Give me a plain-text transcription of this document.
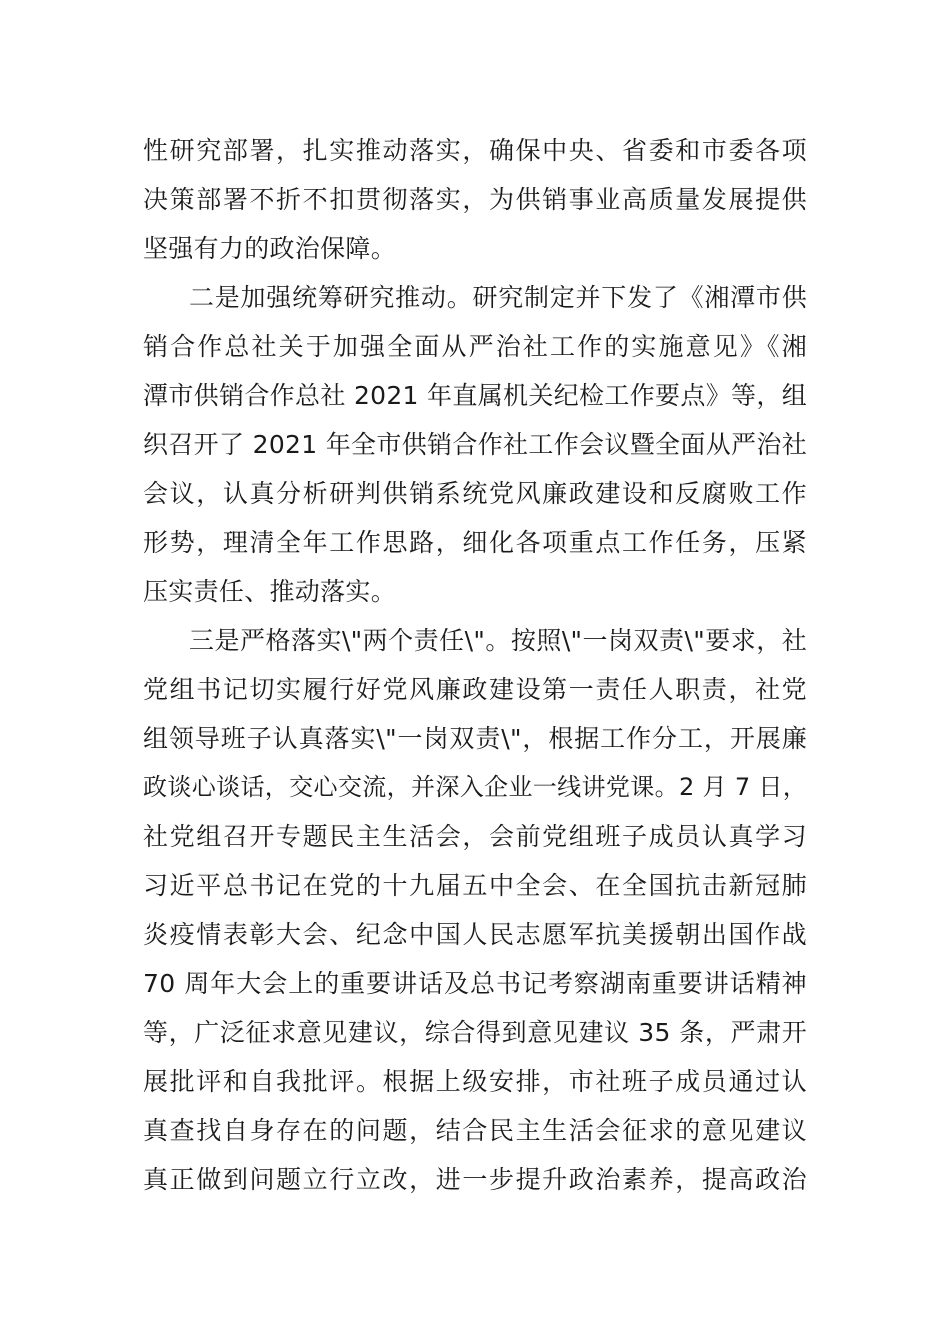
性研究部署，扎实推动落实，确保中央、省委和市委各项
决策部署不折不扣贯彻落实，为供销事业高质量发展提供
坚强有力的政治保障。
二是加强统筹研究推动。研究制定并下发了《湘潭市供
销合作总社关于加强全面从严治社工作的实施意见》《湘
潭市供销合作总社 2021 年直属机关纪检工作要点》等，组
织召开了 2021 年全市供销合作社工作会议暨全面从严治社
会议，认真分析研判供销系统党风廉政建设和反腐败工作
形势，理清全年工作思路，细化各项重点工作任务，压紧
压实责任、推动落实。
三是严格落实\"两个责任\"。按照\"一岗双责\"要求，社
党组书记切实履行好党风廉政建设第一责任人职责，社党
组领导班子认真落实\"一岗双责\"，根据工作分工，开展廉
政谈心谈话，交心交流，并深入企业一线讲党课。2 月 7 日，
社党组召开专题民主生活会，会前党组班子成员认真学习
习近平总书记在党的十九届五中全会、在全国抗击新冠肺
炎疫情表彰大会、纪念中国人民志愿军抗美援朝出国作战
70 周年大会上的重要讲话及总书记考察湖南重要讲话精神
等，广泛征求意见建议，综合得到意见建议 35 条，严肃开
展批评和自我批评。根据上级安排，市社班子成员通过认
真查找自身存在的问题，结合民主生活会征求的意见建议
真正做到问题立行立改，进一步提升政治素养，提高政治
